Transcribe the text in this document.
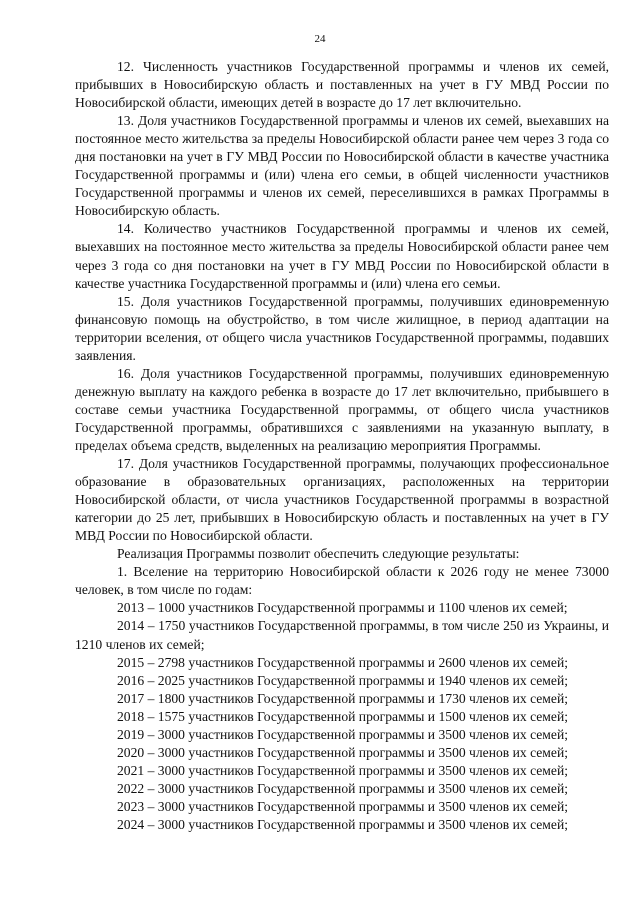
24

12. Численность участников Государственной программы и членов их семей, прибывших в Новосибирскую область и поставленных на учет в ГУ МВД России по Новосибирской области, имеющих детей в возрасте до 17 лет включительно.

13. Доля участников Государственной программы и членов их семей, выехавших на постоянное место жительства за пределы Новосибирской области ранее чем через 3 года со дня постановки на учет в ГУ МВД России по Новосибирской области в качестве участника Государственной программы и (или) члена его семьи, в общей численности участников Государственной программы и членов их семей, переселившихся в рамках Программы в Новосибирскую область.

14. Количество участников Государственной программы и членов их семей, выехавших на постоянное место жительства за пределы Новосибирской области ранее чем через 3 года со дня постановки на учет в ГУ МВД России по Новосибирской области в качестве участника Государственной программы и (или) члена его семьи.

15. Доля участников Государственной программы, получивших единовременную финансовую помощь на обустройство, в том числе жилищное, в период адаптации на территории вселения, от общего числа участников Государственной программы, подавших заявления.

16. Доля участников Государственной программы, получивших единовременную денежную выплату на каждого ребенка в возрасте до 17 лет включительно, прибывшего в составе семьи участника Государственной программы, от общего числа участников Государственной программы, обратившихся с заявлениями на указанную выплату, в пределах объема средств, выделенных на реализацию мероприятия Программы.

17. Доля участников Государственной программы, получающих профессиональное образование в образовательных организациях, расположенных на территории Новосибирской области, от числа участников Государственной программы в возрастной категории до 25 лет, прибывших в Новосибирскую область и поставленных на учет в ГУ МВД России по Новосибирской области.

Реализация Программы позволит обеспечить следующие результаты:

1. Вселение на территорию Новосибирской области к 2026 году не менее 73000 человек, в том числе по годам:

2013 – 1000 участников Государственной программы и 1100 членов их семей;

2014 – 1750 участников Государственной программы, в том числе 250 из Украины, и 1210 членов их семей;

2015 – 2798 участников Государственной программы и 2600 членов их семей;

2016 – 2025 участников Государственной программы и 1940 членов их семей;

2017 – 1800 участников Государственной программы и 1730 членов их семей;

2018 – 1575 участников Государственной программы и 1500 членов их семей;

2019 – 3000 участников Государственной программы и 3500 членов их семей;

2020 – 3000 участников Государственной программы и 3500 членов их семей;

2021 – 3000 участников Государственной программы и 3500 членов их семей;

2022 – 3000 участников Государственной программы и 3500 членов их семей;

2023 – 3000 участников Государственной программы и 3500 членов их семей;

2024 – 3000 участников Государственной программы и 3500 членов их семей;
